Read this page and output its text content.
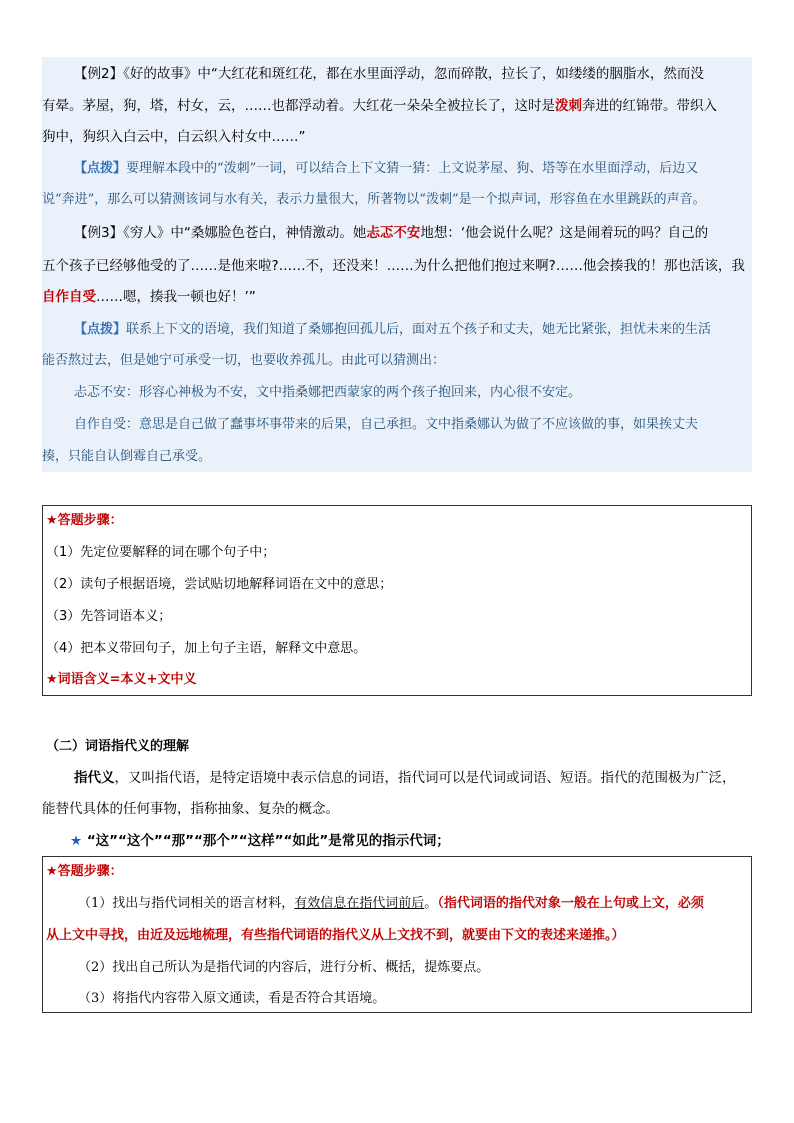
【例2】《好的故事》中“大红花和斑红花，都在水里面浮动，忽而碎散，拉长了，如缕缕的胭脂水，然而没
有晕。茅屋，狗，塔，村女，云，……也都浮动着。大红花一朵朵全被拉长了，这时是泼刺奔进的红锦带。带织入
狗中，狗织入白云中，白云织入村女中……”
【点拨】要理解本段中的“泼刺”一词，可以结合上下文猜一猜：上文说茅屋、狗、塔等在水里面浮动，后边又
说“奔进”，那么可以猜测该词与水有关，表示力量很大，所著物以“泼刺”是一个拟声词，形容鱼在水里跳跃的声音。
【例3】《穷人》中“桑娜脸色苍白，神情激动。她忐忑不安地想：‘他会说什么呢？这是闹着玩的吗？自己的
五个孩子已经够他受的了……是他来啦?……不，还没来！……为什么把他们抱过来啊?……他会揍我的！那也活该，我
自作自受……嗯，揍我一顿也好！’”
【点拨】联系上下文的语境，我们知道了桑娜抱回孤儿后，面对五个孩子和丈夫，她无比紧张，担忧未来的生活
能否熬过去，但是她宁可承受一切，也要收养孤儿。由此可以猜测出：
忐忑不安：形容心神极为不安，文中指桑娜把西蒙家的两个孩子抱回来，内心很不安定。
自作自受：意思是自己做了蠢事坏事带来的后果，自己承担。文中指桑娜认为做了不应该做的事，如果挨丈夫
揍，只能自认倒霉自己承受。
★答题步骤：
（1）先定位要解释的词在哪个句子中；
（2）读句子根据语境，尝试贴切地解释词语在文中的意思；
（3）先答词语本义；
（4）把本义带回句子，加上句子主语，解释文中意思。
★词语含义=本义+文中义
（二）词语指代义的理解
指代义，又叫指代语，是特定语境中表示信息的词语，指代词可以是代词或词语、短语。指代的范围极为广泛，
能替代具体的任何事物，指称抽象、复杂的概念。
★ “这”“这个”“那”“那个”“这样”“如此”是常见的指示代词；
★答题步骤：
（1）找出与指代词相关的语言材料，有效信息在指代词前后。（指代词语的指代对象一般在上句或上文，必须
从上文中寻找，由近及远地梳理，有些指代词语的指代义从上文找不到，就要由下文的表述来递推。）
（2）找出自己所认为是指代词的内容后，进行分析、概括，提炼要点。
（3）将指代内容带入原文通读，看是否符合其语境。
